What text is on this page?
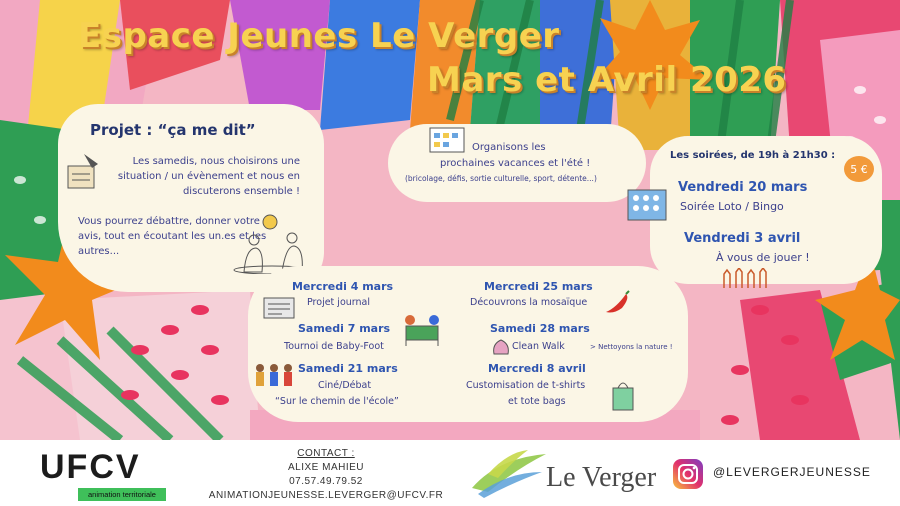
Espace Jeunes Le Verger
Mars et Avril 2026
Projet : “ça me dit”
Les samedis, nous choisirons une situation / un évènement et nous en discuterons ensemble !
Vous pourrez débattre, donner votre avis, tout en écoutant les un.es et les autres...
Organisons les
prochaines vacances et l'été !
(bricolage, défis, sortie culturelle, sport, détente...)
Les soirées, de 19h à 21h30 :
5 €
Vendredi 20 mars
Soirée Loto / Bingo
Vendredi 3 avril
À vous de jouer !
Mercredi 4 mars
Projet journal
Samedi 7 mars
Tournoi de Baby-Foot
Samedi 21 mars
Ciné/Débat
“Sur le chemin de l'école”
Mercredi 25 mars
Découvrons la mosaïque
Samedi 28 mars
Clean Walk	> Nettoyons la nature !
Mercredi 8 avril
Customisation de t-shirts
et tote bags
UFCV
animation territoriale
CONTACT :
ALIXE MAHIEU
07.57.49.79.52
ANIMATIONJEUNESSE.LEVERGER@UFCV.FR
Le Verger	@LEVERGERJEUNESSE
